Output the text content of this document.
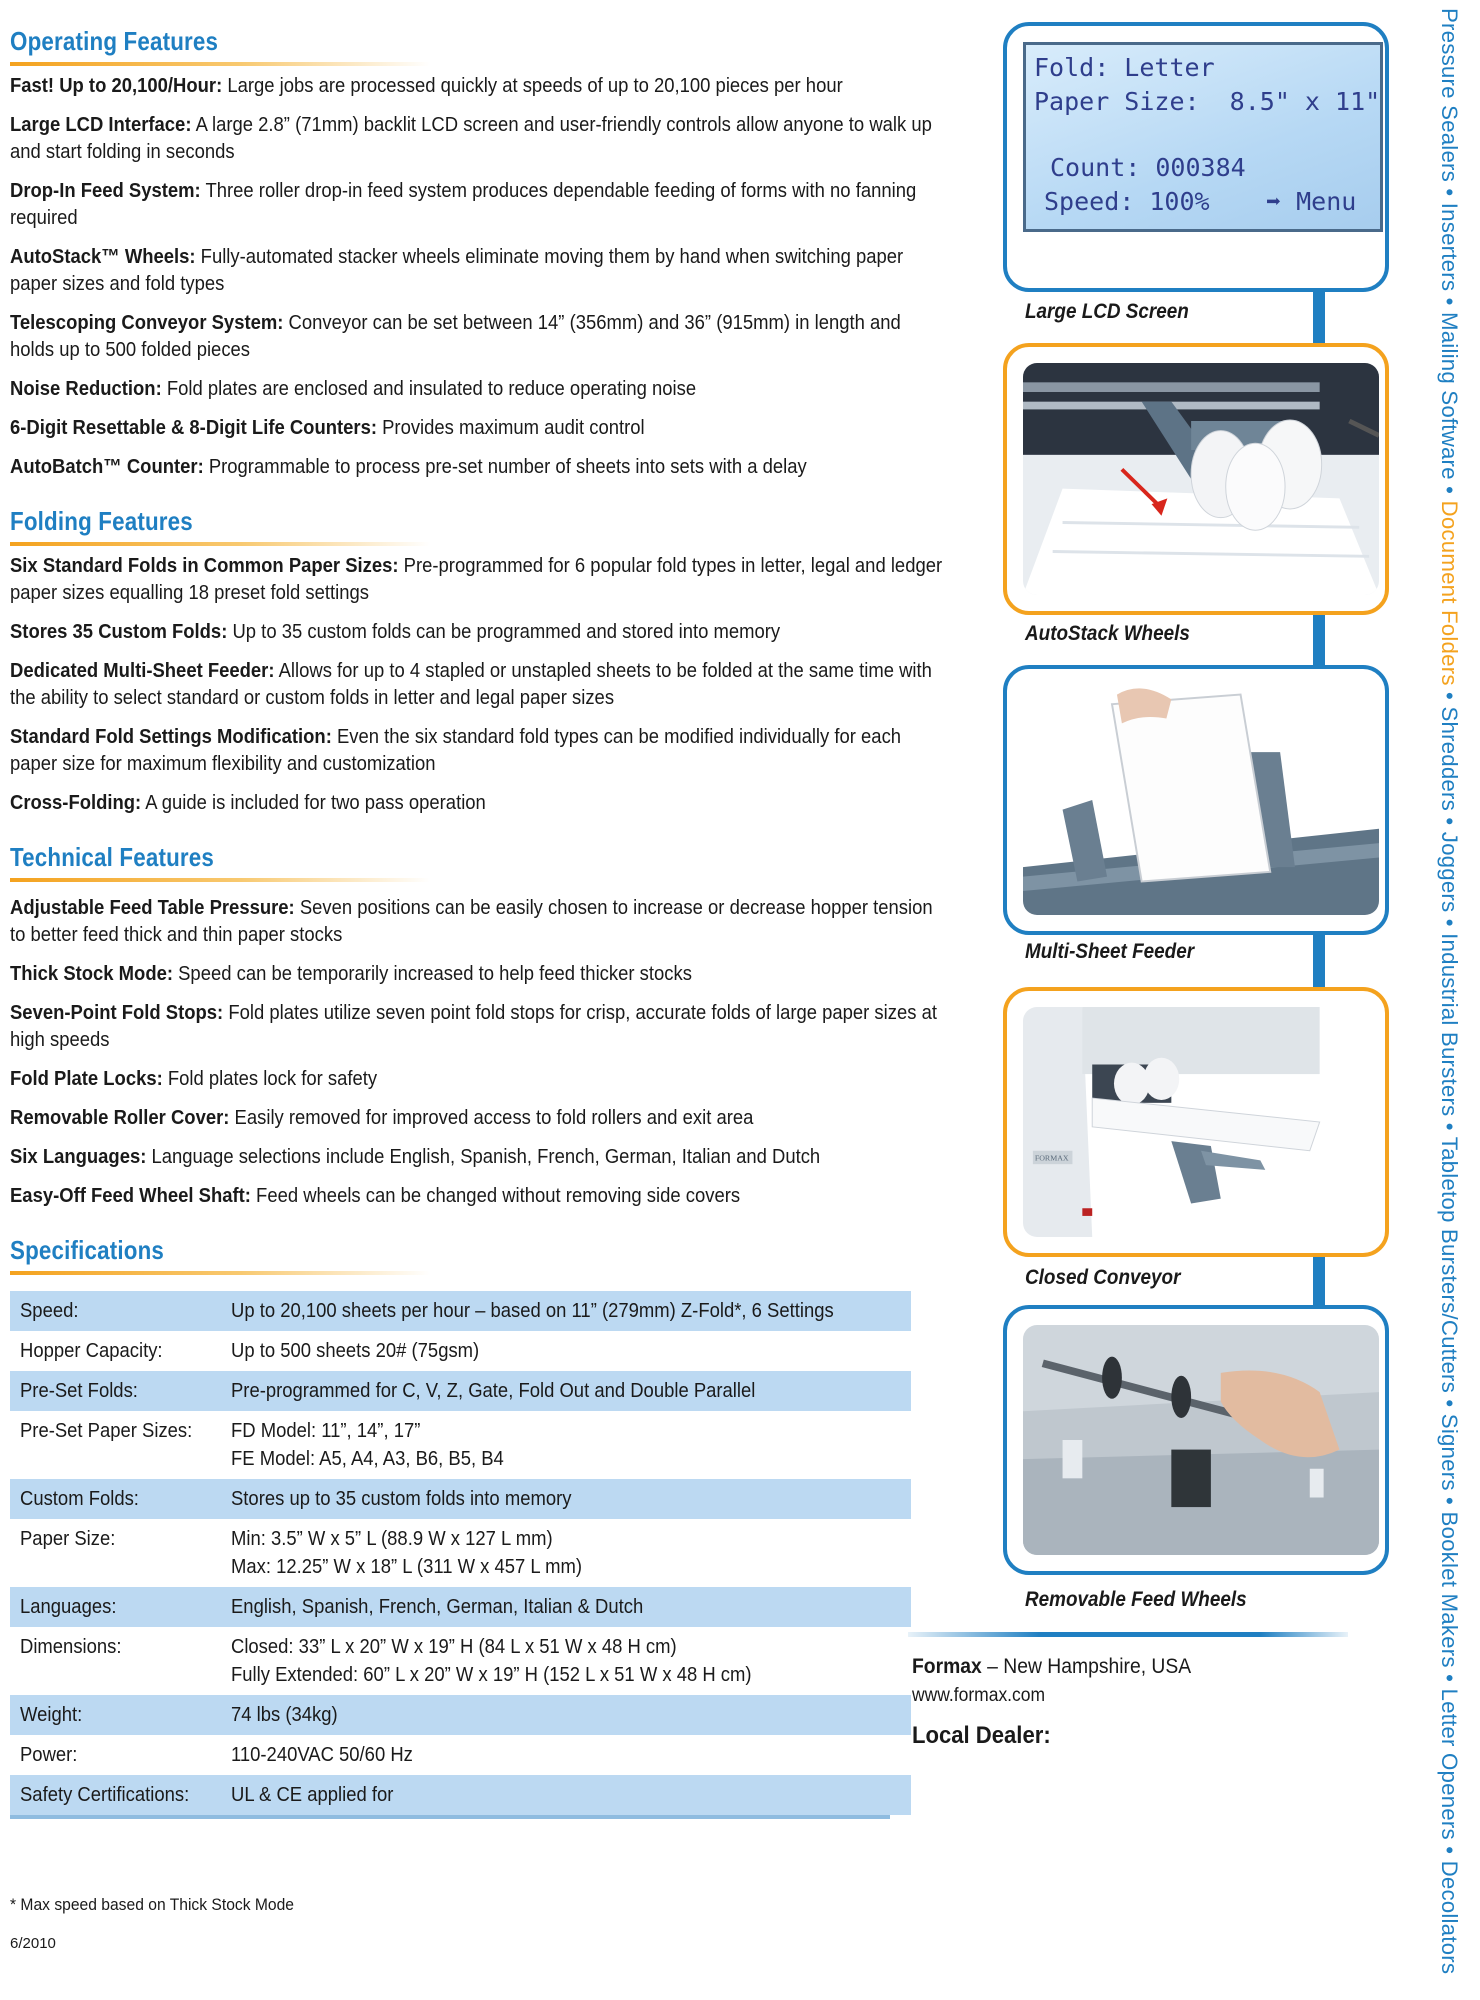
Operating Features

Fast! Up to 20,100/Hour: Large jobs are processed quickly at speeds of up to 20,100 pieces per hour

Large LCD Interface: A large 2.8” (71mm) backlit LCD screen and user-friendly controls allow anyone to walk up and start folding in seconds

Drop-In Feed System: Three roller drop-in feed system produces dependable feeding of forms with no fanning required

AutoStack™ Wheels: Fully-automated stacker wheels eliminate moving them by hand when switching paper paper sizes and fold types

Telescoping Conveyor System: Conveyor can be set between 14” (356mm) and 36” (915mm) in length and holds up to 500 folded pieces

Noise Reduction: Fold plates are enclosed and insulated to reduce operating noise

6-Digit Resettable & 8-Digit Life Counters: Provides maximum audit control

AutoBatch™ Counter: Programmable to process pre-set number of sheets into sets with a delay

Folding Features

Six Standard Folds in Common Paper Sizes: Pre-programmed for 6 popular fold types in letter, legal and ledger paper sizes equalling 18 preset fold settings

Stores 35 Custom Folds: Up to 35 custom folds can be programmed and stored into memory

Dedicated Multi-Sheet Feeder: Allows for up to 4 stapled or unstapled sheets to be folded at the same time with the ability to select standard or custom folds in letter and legal paper sizes

Standard Fold Settings Modification: Even the six standard fold types can be modified individually for each paper size for maximum flexibility and customization

Cross-Folding: A guide is included for two pass operation

Technical Features

Adjustable Feed Table Pressure: Seven positions can be easily chosen to increase or decrease hopper tension to better feed thick and thin paper stocks

Thick Stock Mode: Speed can be temporarily increased to help feed thicker stocks

Seven-Point Fold Stops: Fold plates utilize seven point fold stops for crisp, accurate folds of large paper sizes at high speeds

Fold Plate Locks: Fold plates lock for safety

Removable Roller Cover: Easily removed for improved access to fold rollers and exit area

Six Languages: Language selections include English, Spanish, French, German, Italian and Dutch

Easy-Off Feed Wheel Shaft: Feed wheels can be changed without removing side covers

Specifications
Speed:	Up to 20,100 sheets per hour – based on 11” (279mm) Z-Fold*, 6 Settings

Hopper Capacity:	Up to 500 sheets 20# (75gsm)

Pre-Set Folds:	Pre-programmed for C, V, Z, Gate, Fold Out and Double Parallel

Pre-Set Paper Sizes:	FD Model: 11”, 14”, 17”
FE Model: A5, A4, A3, B6, B5, B4

Custom Folds:	Stores up to 35 custom folds into memory

Paper Size:	Min: 3.5” W x 5” L (88.9 W x 127 L mm)
Max: 12.25” W x 18” L (311 W x 457 L mm)

Languages:	English, Spanish, French, German, Italian & Dutch

Dimensions:	Closed: 33” L x 20” W x 19” H (84 L x 51 W x 48 H cm)
Fully Extended: 60” L x 20” W x 19” H (152 L x 51 W x 48 H cm)

Weight:	74 lbs (34kg)

Power:	110-240VAC 50/60 Hz

Safety Certifications:	UL & CE applied for
* Max speed based on Thick Stock Mode
6/2010
Fold: Letter
Paper Size:  8.5" x 11"
Count: 000384
Speed: 100% ➡ Menu
Large LCD Screen
AutoStack Wheels
Multi-Sheet Feeder
FORMAX
Closed Conveyor
Removable Feed Wheels
Formax – New Hampshire, USA
www.formax.com
Local Dealer:
Pressure Sealers • Inserters • Mailing Software • Document Folders • Shredders • Joggers • Industrial Bursters • Tabletop Bursters/Cutters • Signers • Booklet Makers • Letter Openers • Decollators
